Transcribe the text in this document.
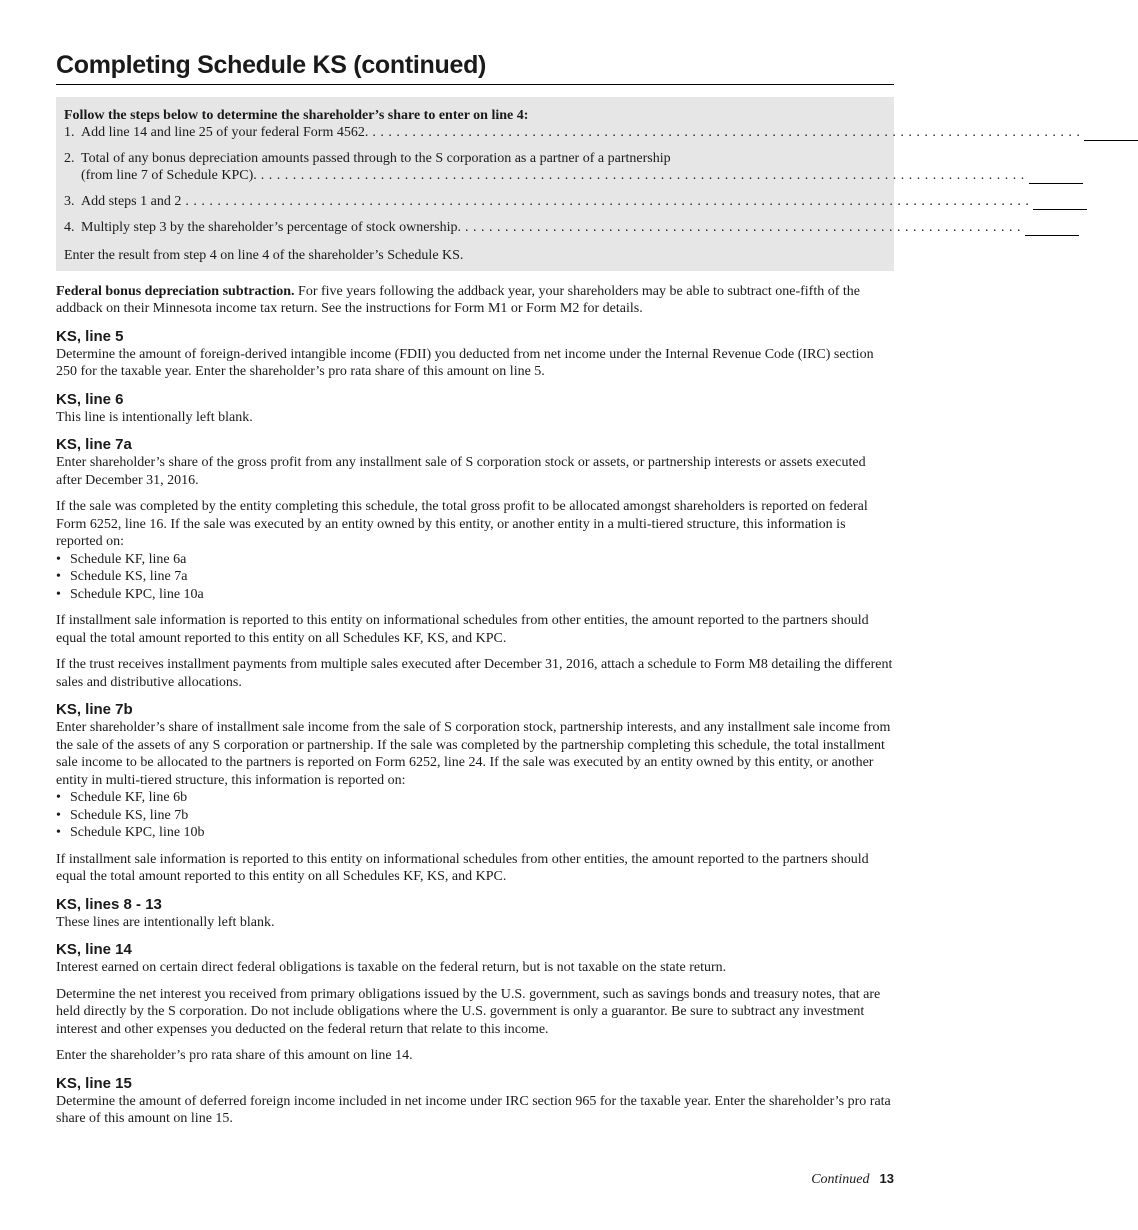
Completing Schedule KS (continued)
Follow the steps below to determine the shareholder’s share to enter on line 4:
1. Add line 14 and line 25 of your federal Form 4562. . . . . . . . . . . . . . . . . . . . . . . . . . . . . . . . . . . . . . . . . . . . . . . . . . . . . . . . . . . . . . . . . . . . . . . . . . . . . . . . . . . . . . . . . .
2. Total of any bonus depreciation amounts passed through to the S corporation as a partner of a partnership
(from line 7 of Schedule KPC). . . . . . . . . . . . . . . . . . . . . . . . . . . . . . . . . . . . . . . . . . . . . . . . . . . . . . . . . . . . . . . . . . . . . . . . . . . . . . . . . . . . . . . . . . . . . . . . .
3. Add steps 1 and 2 . . . . . . . . . . . . . . . . . . . . . . . . . . . . . . . . . . . . . . . . . . . . . . . . . . . . . . . . . . . . . . . . . . . . . . . . . . . . . . . . . . . . . . . . . . . . . . . . . . . . . . . . . .
4. Multiply step 3 by the shareholder’s percentage of stock ownership. . . . . . . . . . . . . . . . . . . . . . . . . . . . . . . . . . . . . . . . . . . . . . . . . . . . . . . . . . . . . . . . . . . . . . .
Enter the result from step 4 on line 4 of the shareholder’s Schedule KS.

Federal bonus depreciation subtraction. For five years following the addback year, your shareholders may be able to subtract one-fifth of the addback on their Minnesota income tax return. See the instructions for Form M1 or Form M2 for details.

KS, line 5

Determine the amount of foreign-derived intangible income (FDII) you deducted from net income under the Internal Revenue Code (IRC) section 250 for the taxable year. Enter the shareholder’s pro rata share of this amount on line 5.

KS, line 6

This line is intentionally left blank.

KS, line 7a

Enter shareholder’s share of the gross profit from any installment sale of S corporation stock or assets, or partnership interests or assets executed after December 31, 2016.

If the sale was completed by the entity completing this schedule, the total gross profit to be allocated amongst shareholders is reported on federal Form 6252, line 16. If the sale was executed by an entity owned by this entity, or another entity in a multi-tiered structure, this information is reported on:

• Schedule KF, line 6a
• Schedule KS, line 7a
• Schedule KPC, line 10a

If installment sale information is reported to this entity on informational schedules from other entities, the amount reported to the partners should equal the total amount reported to this entity on all Schedules KF, KS, and KPC.

If the trust receives installment payments from multiple sales executed after December 31, 2016, attach a schedule to Form M8 detailing the different sales and distributive allocations.

KS, line 7b

Enter shareholder’s share of installment sale income from the sale of S corporation stock, partnership interests, and any installment sale income from the sale of the assets of any S corporation or partnership. If the sale was completed by the partnership completing this schedule, the total installment sale income to be allocated to the partners is reported on Form 6252, line 24. If the sale was executed by an entity owned by this entity, or another entity in multi-tiered structure, this information is reported on:

• Schedule KF, line 6b
• Schedule KS, line 7b
• Schedule KPC, line 10b

If installment sale information is reported to this entity on informational schedules from other entities, the amount reported to the partners should equal the total amount reported to this entity on all Schedules KF, KS, and KPC.

KS, lines 8 - 13

These lines are intentionally left blank.

KS, line 14

Interest earned on certain direct federal obligations is taxable on the federal return, but is not taxable on the state return.

Determine the net interest you received from primary obligations issued by the U.S. government, such as savings bonds and treasury notes, that are held directly by the S corporation. Do not include obligations where the U.S. government is only a guarantor. Be sure to subtract any investment interest and other expenses you deducted on the federal return that relate to this income.

Enter the shareholder’s pro rata share of this amount on line 14.

KS, line 15

Determine the amount of deferred foreign income included in net income under IRC section 965 for the taxable year. Enter the shareholder’s pro rata share of this amount on line 15.

Continued 13
